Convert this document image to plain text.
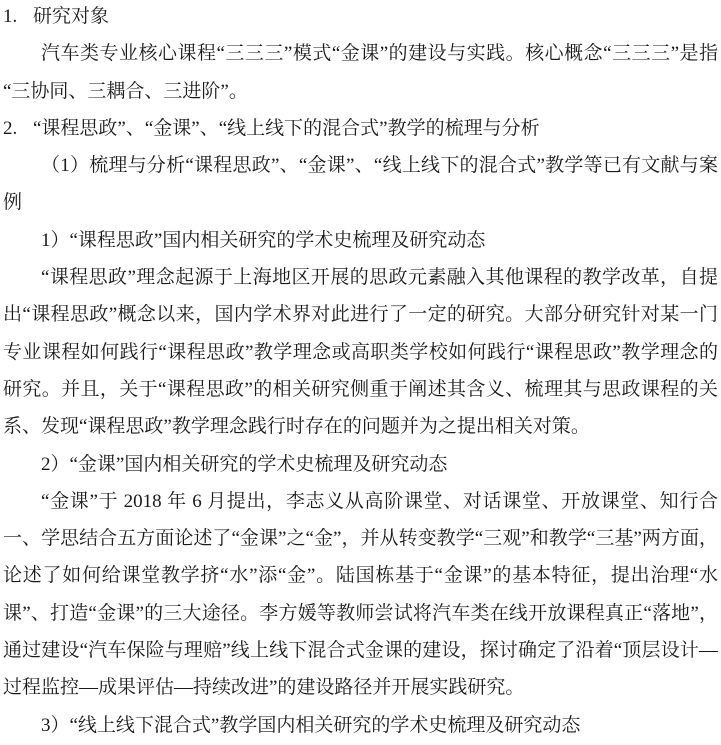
1. 研究对象

汽车类专业核心课程“三三三”模式“金课”的建设与实践。核心概念“三三三”是指“三协同、三耦合、三进阶”。

2. “课程思政”、“金课”、“线上线下的混合式”教学的梳理与分析

（1）梳理与分析“课程思政”、“金课”、“线上线下的混合式”教学等已有文献与案例

1）“课程思政”国内相关研究的学术史梳理及研究动态

“课程思政”理念起源于上海地区开展的思政元素融入其他课程的教学改革，自提出“课程思政”概念以来，国内学术界对此进行了一定的研究。大部分研究针对某一门专业课程如何践行“课程思政”教学理念或高职类学校如何践行“课程思政”教学理念的研究。并且，关于“课程思政”的相关研究侧重于阐述其含义、梳理其与思政课程的关系、发现“课程思政”教学理念践行时存在的问题并为之提出相关对策。

2）“金课”国内相关研究的学术史梳理及研究动态

“金课”于 2018 年 6 月提出，李志义从高阶课堂、对话课堂、开放课堂、知行合一、学思结合五方面论述了“金课”之“金”，并从转变教学“三观”和教学“三基”两方面，论述了如何给课堂教学挤“水”添“金”。陆国栋基于“金课”的基本特征，提出治理“水课”、打造“金课”的三大途径。李方媛等教师尝试将汽车类在线开放课程真正“落地”，通过建设“汽车保险与理赔”线上线下混合式金课的建设，探讨确定了沿着“顶层设计—过程监控—成果评估—持续改进”的建设路径并开展实践研究。

3）“线上线下混合式”教学国内相关研究的学术史梳理及研究动态
